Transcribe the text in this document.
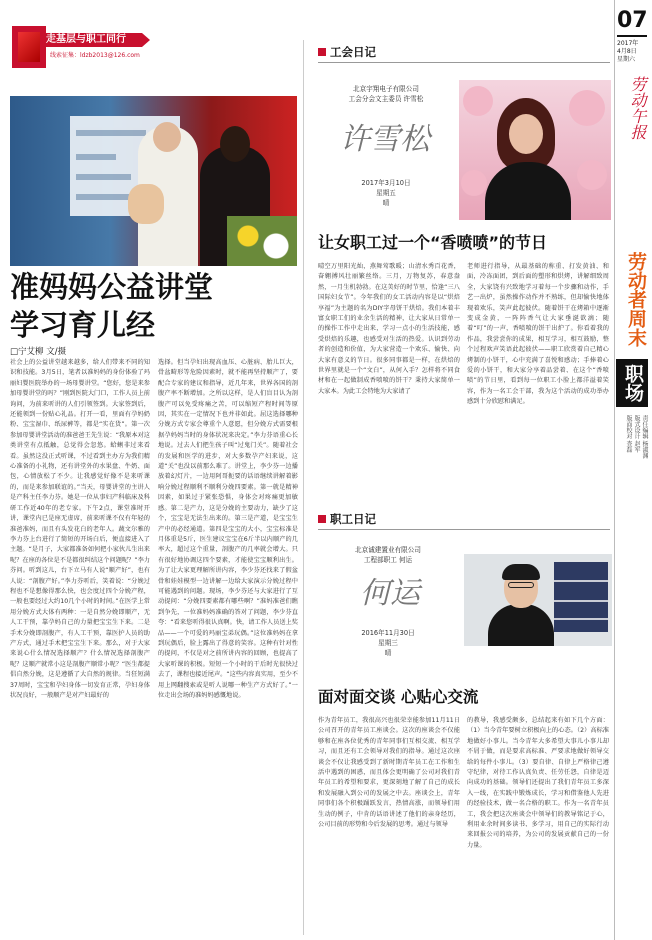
走基层与职工同行
线索征集：ldzb2013@126.com
准妈妈公益讲堂
学习育儿经
□宁艾柳 文/摄
社会上的公益讲堂越来越多，给人们带来不同的知识和技能。3月5日，笔者以准妈妈的身份体验了玛丽妇婴医院举办的一场母婴讲堂。“您好，您是来参加母婴讲堂的吗？”刚到医院大门口，工作人员上前询问，为前来听讲的人们引领签到。大家签到后，还能领到一份贴心礼品。打开一看，里面有孕妈奶粉、宝宝湿巾、纸尿裤等，都是“实在货”。第一次参加母婴讲堂活动的准爸爸王先生说：“我原本对这类讲堂有点抵触，总觉得会忽悠。蛤蜊非过来看看。虽然这没正式听课，不过看到主办方为我们精心准备的小礼物，还有讲堂外的水果盘、牛奶、面包，心情放松了不少。让我感觉好像不是来听课的，而是来参加联谊的。”当天，母婴讲堂的主讲人是产科主任李力芬。她是一位从事妇产科临床及科研工作近40年的老专家。下午2点，课堂准时开讲，课堂内已是座无虚席，前来听课不仅有年轻的准爸准妈，而且有头发花白的老年人。蔬文尔雅的李力芬上台进行了简短的开场白后，便直接进入了主题。“是月子，大家都准备如何把小家伙儿生出来呢？在座的各位是不是都很纠结这个问题呢？”李力芬问。听到这儿，台下立马有人说“顺产好”，也有人说：“剖腹产好。”李力芬听后，笑着说：“分娩过程也不是想像得那么快，也会度过四个分娩产程，一般也要经过大约10几个小时的时间。”在医学上常用分娩方式大体有两种：一是自然分娩即顺产，无人工干预，靠孕妈自己的力量把宝宝生下来。二是手术分娩即剖腹产，有人工干预，靠医护人员的助产方式，通过手术把宝宝生下来。那么，对于大家来说心什么情况选择顺产？什么情况选择剖腹产呢？这顺产就常小这是剖腹产顺常小呢？“医生都提倡自然分娩，这是遵循了大自然的规律。当狂短满37周时，宝宝和孕妇身体一切发育正常，孕妇身体状况良好，一般顺产是对产妇最好的
选择。但当孕妇出现高血压、心脏病、胎儿巨大，骨盆畸形等危险因素时，就不能再坚持顺产了，要配合专家的建议和指导，近几年来，世界各国的剖腹产率不断增加。之所以这样，是人们盲目认为剖腹产可以免受疼痛之苦，可以缩短产程时间等原因，其实在一定情况下也并非如此。屈这选择哪种分娩方式专家会尊重个人意愿，但分娩方式需要根据孕妈妈当时的身体状况来决定。”李力芬语重心长地说。过去人们把生孩子叫“过鬼门关”。随着社会的发展和医学的进步，对大多数孕产妇来说，这道“关”也没以前那么难了。讲堂上，李少芬一边播放着幻灯片，一边用阿哥扼要的话语继续讲解着影响分娩过程顺利不顺利分娩四要素。第一就是精神因素，如果过于紧张恐惧，身体会对疼痛更加敏感。第二是产力，这是分娩的主要动力，缺少了这个，宝宝是无法生出来的。第三是产道，是宝宝生产中的必经通道。第四是宝宝的大小，宝宝标准是月体重是5斤，医生建议宝宝在6斤半以内顺产的几率大，超过这个重量，剖腹产的几率就会增大。只有很好地协调这四个要素，才能使宝宝顺利出生。为了让大家更理解所讲内容，李少芬还找来了假盆骨和娃娃模型一边讲解一边给大家演示分娩过程中可能遇到的问题。现场，李少芬还与大家进行了互动提问：“分娩四要素都有哪些啊？”准妈准爸们瞧到争先，一位准妈妈准确的答对了问题，李少芬直夸：“看来您听得很认真啊。快，请工作人员送上奖品——一个可爱的玛丽宝弟玩偶。”这位准妈妈在拿到玩偶后，脸上露出了得意的笑容。这种有针对性的提问，不仅是对之前所讲内容的回顾，也提高了大家听课的积极。短短一个小时的干后时光很快过去了，课程也接近尾声。“这些内容真实用，至少不用上网翻搜索或是听人说哪一种生产方式好了。”一位走出会场的准妈妈感慨地说。
07
2017年
4月8日
星期六
劳动午报
劳动者周末
职场
责任编辑 杨淑渊
版式设计 赵军
版面校对 查磊
工会日记
北京宇翔电子有限公司
工会分会文主委员 许雪松
许雪松
2017年3月10日
星期五
晴
让女职工过一个“香喷喷”的节日
晴空万里阳光灿，燕舞莺歌暖；山清水秀百花香，奋翱搏风壮丽繁丝络。三月，万物复苏，春意盎然，一月生机勃勃。在这美好的时节里，恰逢“三八国际妇女节”。今年我们的女工活动内容是以“烘焙享福”为主题的名为DIY字母饼干烘焙。我们本着丰富女职工们的业余生活的精神，让大家从日常单一的操作工作中走出来，学习一点小的生活技能，感受烘焙的乐趣，也感受对生活的热爱。认识到劳动者的创造和价值，为大家营造一个欢乐、愉快、向大家有意义的节日。很多同事都是一样，在烘焙的世界里就是一个“文白”，从何入手？怎样将不同食材和在一起做制成香喷喷的饼干？秉持大家简单一大家本。为此工会特地为大家请了
老师进行指导，从最基础的称重、打发黄油、和面，冷冻面团，到后面的塑形和烘烤，讲解细致周全，大家饶有兴致地学习着每一个步骤和动作，手艺一出炉，虽然操作动作并不熟练，但却愉快地体现着欢乐，笑声此起彼伏。随着饼干在烤箱中逐渐变成金黄，一阵阵香气让大家垂涎欲滴；随着“叮”的一声，香喷喷的饼干出炉了。你看着我的作品，我尝尝你的成果，相互学习，相互鼓励，整个过程欢声笑语此起彼伏——职工欣赏着自己精心烤制的小饼干，心中充满了喜悦和感动；手捧着心爱的小饼干，和大家分享着品尝着、在这个“香喷喷”的节日里，看到每一位职工小脸上都洋溢着笑容，作为一名工会干部，我为这个活动的成功举办感到十分欣慰和满足。
职工日记
北京诚建置业有限公司
工程部职工 何运
何运
2016年11月30日
星期三
晴
面对面交谈 心贴心交流
作为青年员工，我很高兴也很荣幸能参加11月11日公司召开的青年员工座谈会。这次的座谈会不仅能够和在座各位优秀的青年同事们互相交流、相互学习，而且还有工会领导对我们的指导。通过这次座谈会不仅让我感受到了新时期青年员工在工作和生活中遇到的困惑，而且体会更明确了公司对我们青年员工的希望和要求，更深刻地了解了自己的成长和发展融入到公司的发展之中去。座谈会上，青年同事们各个积极踊跃发言，热情高涨，而领导们用生动的例子，中肯的话语讲述了他们的亲身经历，公司目前的形势和今后发展的思考。通过与领导
的教导，我感受颇多，总结起来有如下几个方面：（1）当今青年要树立积极向上的心态。（2）高标准地做好小事儿。当今青年大多希望大事儿小事儿却不屑于做，而是要求高标准、严要求地做好领导交给的每件小事儿。（3）要自律、自律上严格律己遵守纪律，对待工作认真负责、任劳任怨，自律是迈向成功的基础。领导们还提出了我们青年员工多深入一线，在实践中锻炼成长，学习和借鉴他人先进的经验技术，做一名合格的职工。作为一名青年员工，我会把这次座谈会中领导们的教导铭记于心，利用业余时间多读书、多学习，用自己的实际行动来回报公司的培养，为公司的发展贡献自己的一份力量。
